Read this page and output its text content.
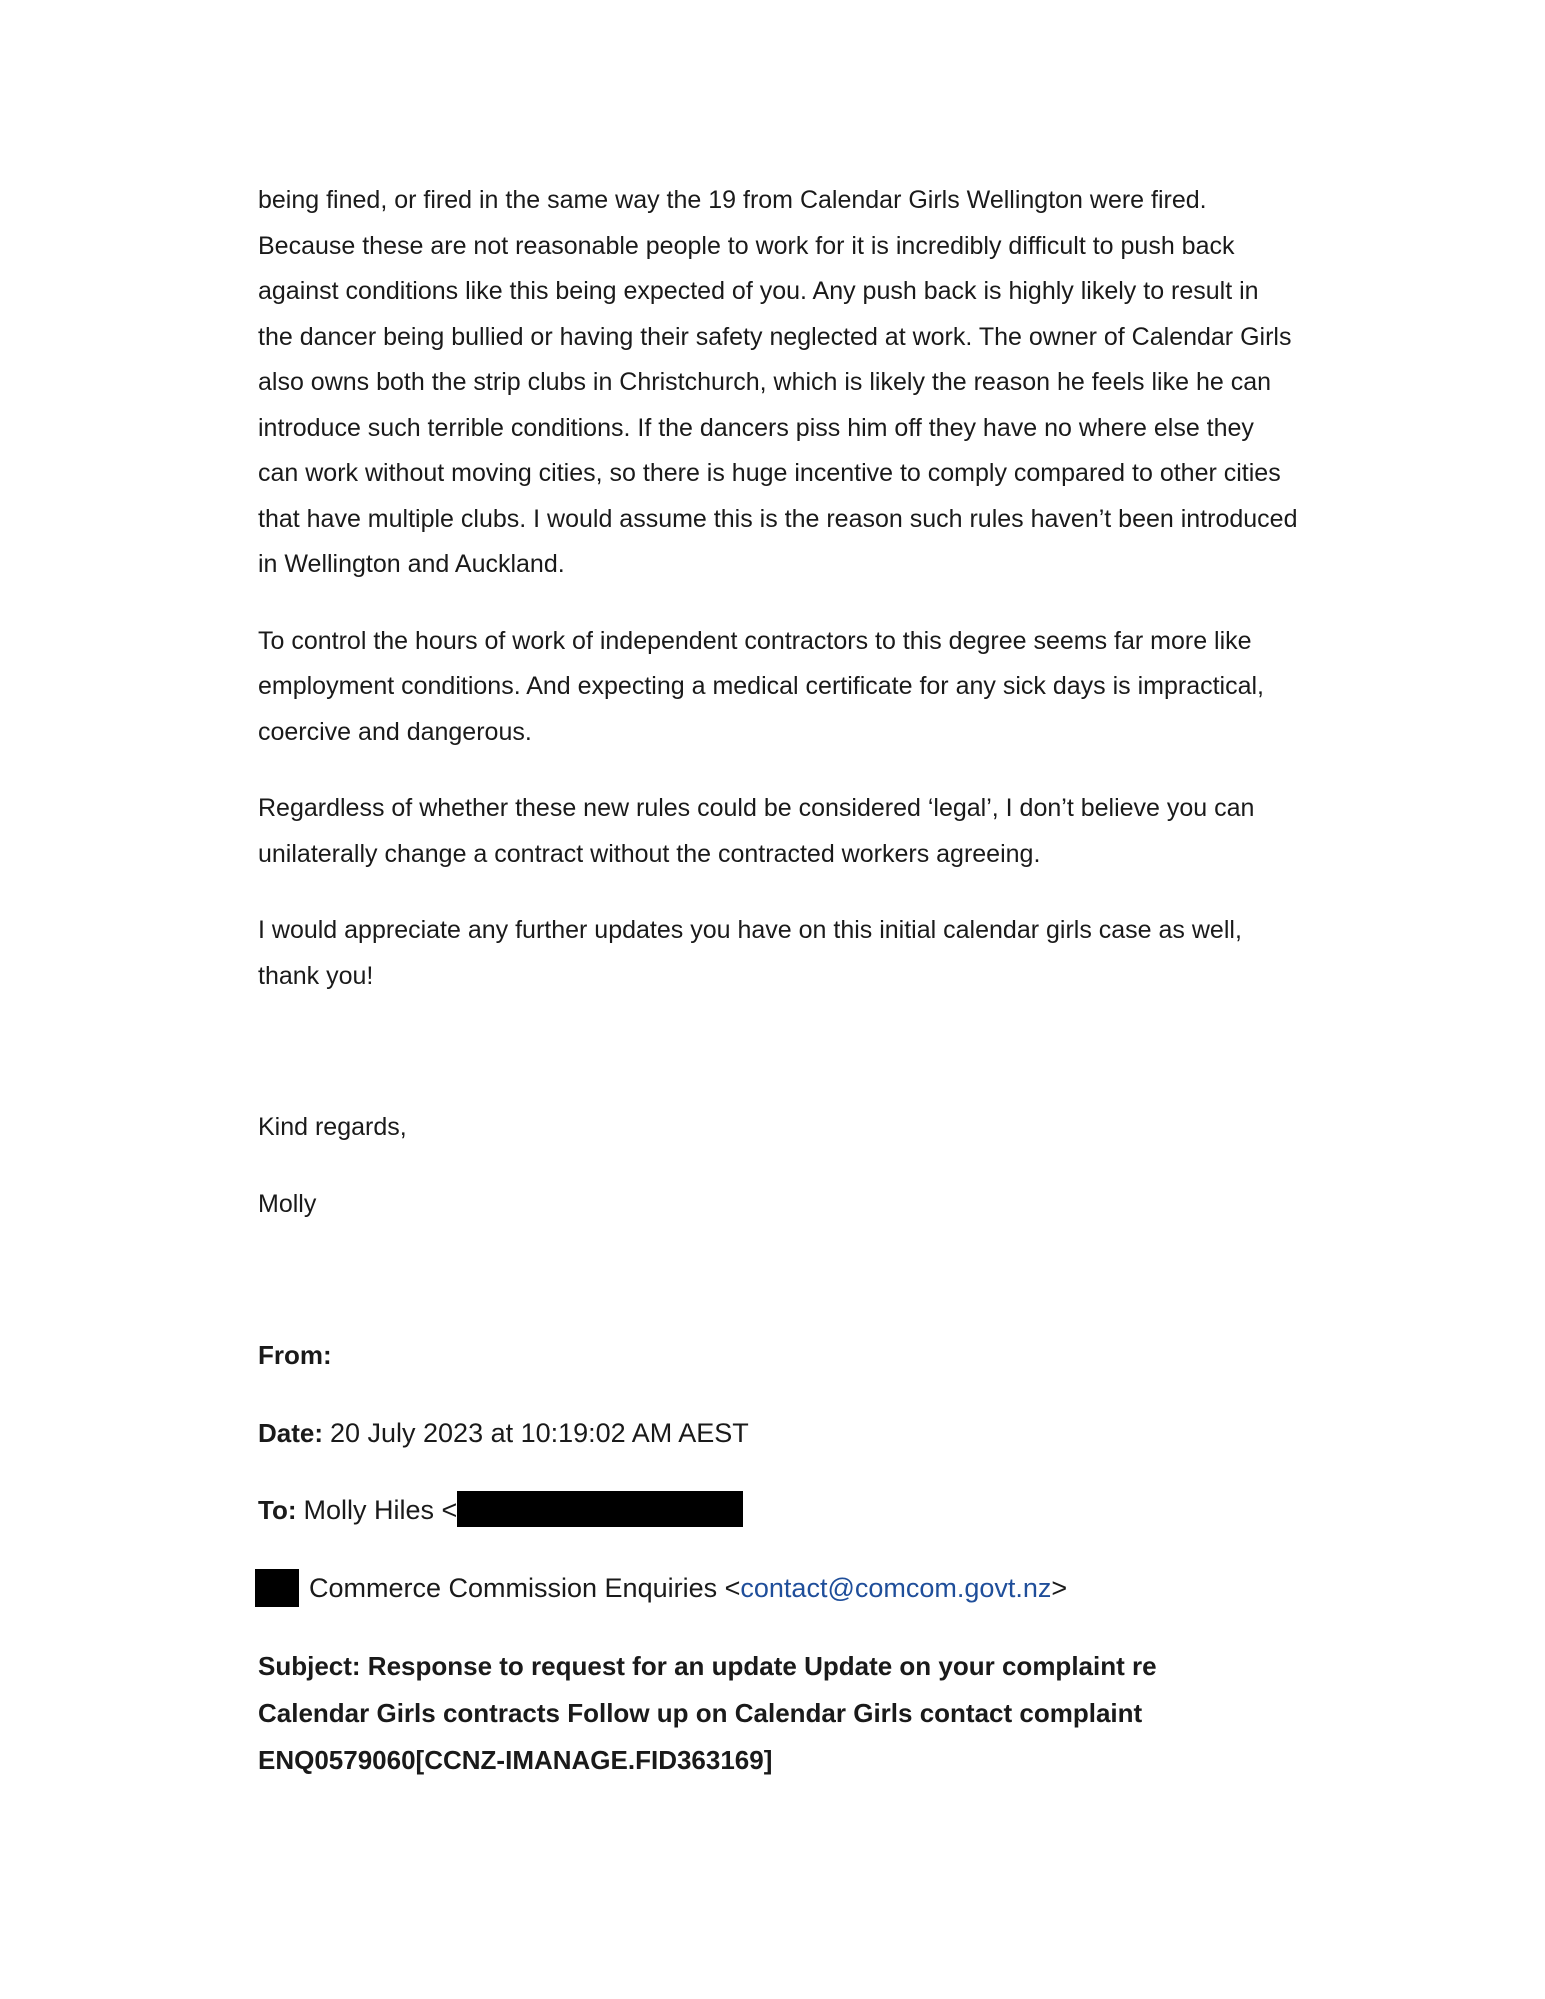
being fined, or fired in the same way the 19 from Calendar Girls Wellington were fired. Because these are not reasonable people to work for it is incredibly difficult to push back against conditions like this being expected of you. Any push back is highly likely to result in the dancer being bullied or having their safety neglected at work. The owner of Calendar Girls also owns both the strip clubs in Christchurch, which is likely the reason he feels like he can introduce such terrible conditions. If the dancers piss him off they have no where else they can work without moving cities, so there is huge incentive to comply compared to other cities that have multiple clubs. I would assume this is the reason such rules haven’t been introduced in Wellington and Auckland.

To control the hours of work of independent contractors to this degree seems far more like employment conditions. And expecting a medical certificate for any sick days is impractical, coercive and dangerous.

Regardless of whether these new rules could be considered ‘legal’, I don’t believe you can unilaterally change a contract without the contracted workers agreeing.

I would appreciate any further updates you have on this initial calendar girls case as well, thank you!

Kind regards,

Molly

From:

Date: 20 July 2023 at 10:19:02 AM AEST

To: Molly Hiles <

Commerce Commission Enquiries <contact@comcom.govt.nz>

Subject: Response to request for an update Update on your complaint re Calendar Girls contracts Follow up on Calendar Girls contact complaint ENQ0579060[CCNZ-IMANAGE.FID363169]
